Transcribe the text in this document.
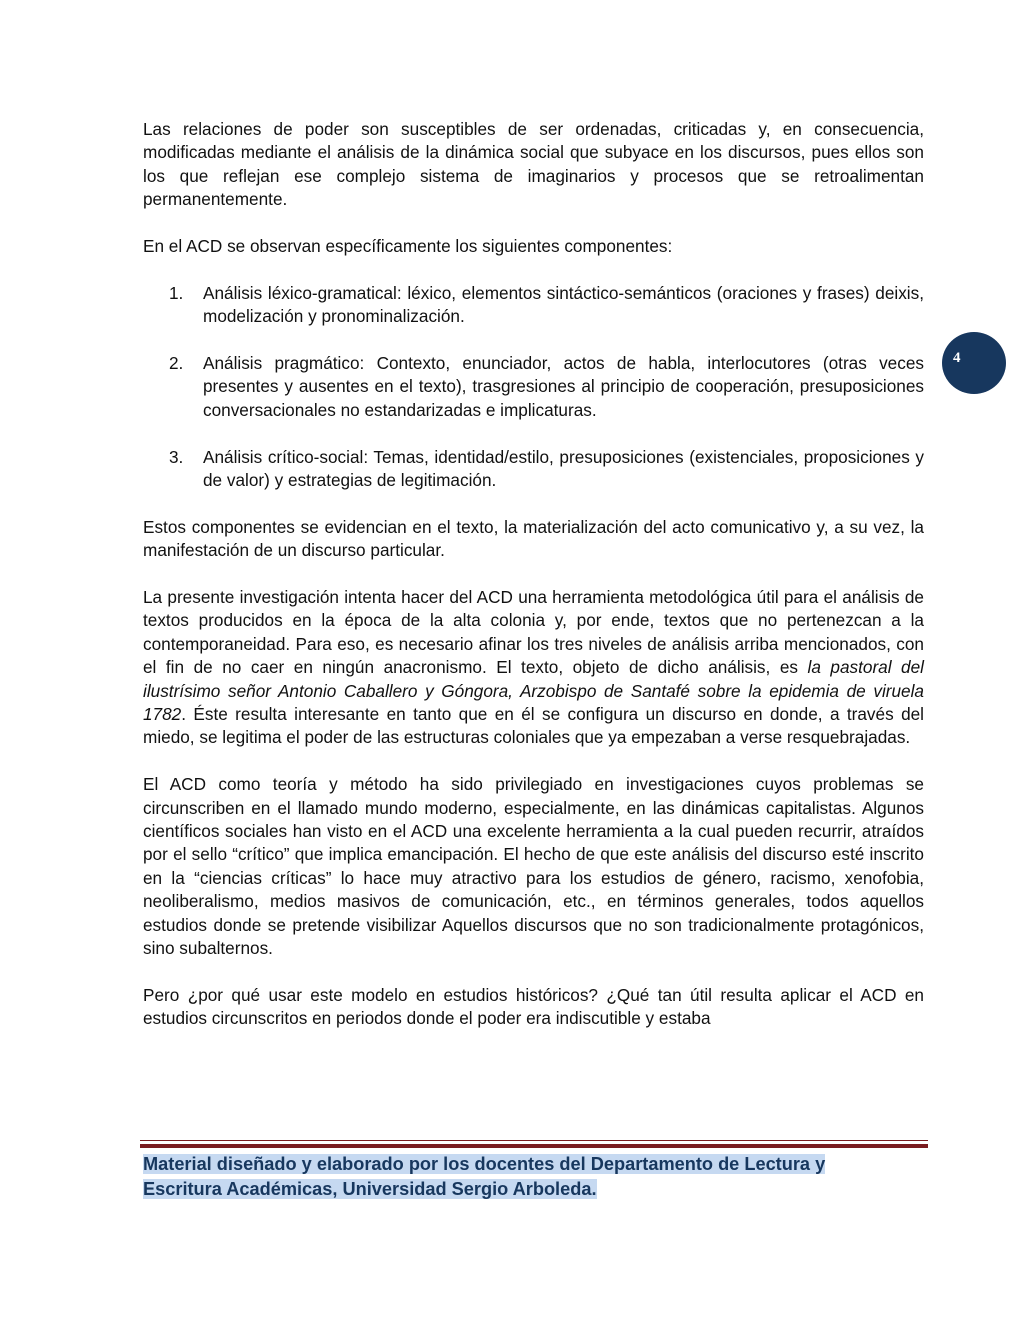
Las relaciones de poder son susceptibles de ser ordenadas, criticadas y, en consecuencia, modificadas mediante el análisis de la dinámica social que subyace en los discursos, pues ellos son los que reflejan ese complejo sistema de imaginarios y procesos que se retroalimentan permanentemente.

En el ACD se observan específicamente los siguientes componentes:

1.	Análisis léxico-gramatical: léxico, elementos sintáctico-semánticos (oraciones y frases) deixis, modelización y pronominalización.
2.	Análisis pragmático: Contexto, enunciador, actos de habla, interlocutores (otras veces presentes y ausentes en el texto), trasgresiones al principio de cooperación, presuposiciones conversacionales no estandarizadas e implicaturas.
3.	Análisis crítico-social: Temas, identidad/estilo, presuposiciones (existenciales, proposiciones y de valor) y estrategias de legitimación.

Estos componentes se evidencian en el texto, la materialización del acto comunicativo y, a su vez, la manifestación de un discurso particular.

La presente investigación intenta hacer del ACD una herramienta metodológica útil para el análisis de textos producidos en la época de la alta colonia y, por ende, textos que no pertenezcan a la contemporaneidad. Para eso, es necesario afinar los tres niveles de análisis arriba mencionados, con el fin de no caer en ningún anacronismo. El texto, objeto de dicho análisis, es la pastoral del ilustrísimo señor Antonio Caballero y Góngora, Arzobispo de Santafé sobre la epidemia de viruela 1782. Éste resulta interesante en tanto que en él se configura un discurso en donde, a través del miedo, se legitima el poder de las estructuras coloniales que ya empezaban a verse resquebrajadas.

El ACD como teoría y método ha sido privilegiado en investigaciones cuyos problemas se circunscriben en el llamado mundo moderno, especialmente, en las dinámicas capitalistas. Algunos científicos sociales han visto en el ACD una excelente herramienta a la cual pueden recurrir, atraídos por el sello “crítico” que implica emancipación. El hecho de que este análisis del discurso esté inscrito en la “ciencias críticas” lo hace muy atractivo para los estudios de género, racismo, xenofobia, neoliberalismo, medios masivos de comunicación, etc., en términos generales, todos aquellos estudios donde se pretende visibilizar Aquellos discursos que no son tradicionalmente protagónicos, sino subalternos.

Pero ¿por qué usar este modelo en estudios históricos? ¿Qué tan útil resulta aplicar el ACD en estudios circunscritos en periodos donde el poder era indiscutible y estaba

4
Material diseñado y elaborado por los docentes del Departamento de Lectura y
Escritura Académicas, Universidad Sergio Arboleda.
